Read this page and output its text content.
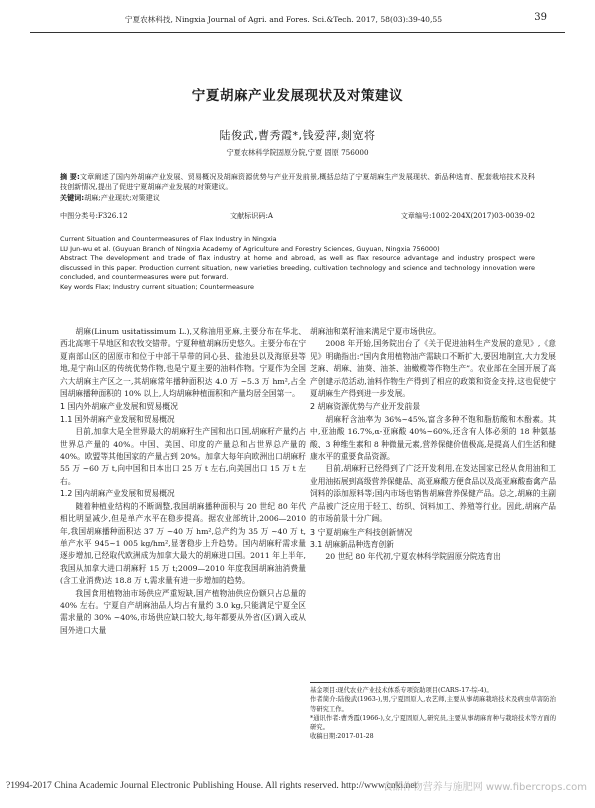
宁夏农林科技, Ningxia Journal of Agri. and Fores. Sci.&Tech. 2017, 58(03):39-40,55	39
宁夏胡麻产业发展现状及对策建议
陆俊武,曹秀霞*,钱爱萍,剡宽将
宁夏农林科学院固原分院,宁夏 固原 756000
摘 要:文章阐述了国内外胡麻产业发展、贸易概况及胡麻资源优势与产业开发前景,概括总结了宁夏胡麻生产发展现状、新品种选育、配套栽培技术及科技创新情况,提出了促进宁夏胡麻产业发展的对策建议。
关键词:胡麻;产业现状;对策建议
中图分类号:F326.12	文献标识码:A	文章编号:1002-204X(2017)03-0039-02
Current Situation and Countermeasures of Flax Industry in Ningxia
LU Jun-wu et al. (Guyuan Branch of Ningxia Academy of Agriculture and Forestry Sciences, Guyuan, Ningxia 756000)
Abstract The development and trade of flax industry at home and abroad, as well as flax resource advantage and industry prospect were discussed in this paper. Production current situation, new varieties breeding, cultivation technology and science and technology innovation were concluded, and countermeasures were put forward.
Key words Flax; Industry current situation; Countermeasure

胡麻(Linum usitatissimum L.),又称油用亚麻,主要分布在华北、西北高寒干旱地区和农牧交错带。宁夏种植胡麻历史悠久。主要分布在宁夏南部山区的固原市和位于中部干旱带的同心县、盐池县以及海原县等地,是宁南山区的传统优势作物,也是宁夏主要的油料作物。宁夏作为全国六大胡麻主产区之一,其胡麻常年播种面积达 4.0 万 ~5.3 万 hm²,占全国胡麻播种面积的 10% 以上,人均胡麻种植面积和产量均居全国第一。

1 国内外胡麻产业发展和贸易概况
1.1 国外胡麻产业发展和贸易概况

目前,加拿大是全世界最大的胡麻籽生产国和出口国,胡麻籽产量约占世界总产量的 40%。中国、美国、印度的产量总和占世界总产量的 40%。欧盟等其他国家的产量占到 20%。加拿大每年向欧洲出口胡麻籽 55 万 ~60 万 t,向中国和日本出口 25 万 t 左右,向美国出口 15 万 t 左右。

1.2 国内胡麻产业发展和贸易概况

随着种植业结构的不断调整,我国胡麻播种面积与 20 世纪 80 年代相比明显减少,但是单产水平在稳步提高。据农业部统计,2006—2010 年,我国胡麻播种面积达 37 万 ~40 万 hm²,总产约为 35 万 ~40 万 t,单产水平 945~1 005 kg/hm²,显著稳步上升趋势。国内胡麻籽需求量逐步增加,已经取代欧洲成为加拿大最大的胡麻进口国。2011 年上半年,我国从加拿大进口胡麻籽 15 万 t;2009—2010 年度我国胡麻油消费量(含工业消费)达 18.8 万 t,需求量有进一步增加的趋势。

我国食用植物油市场供应严重短缺,国产植物油供应份额只占总量的 40% 左右。宁夏自产胡麻油品人均占有量约 3.0 kg,只能满足宁夏全区需求量的 30% ~40%,市场供应缺口较大,每年都要从外省(区)调入或从国外进口大量

胡麻油和菜籽油来满足宁夏市场供应。

2008 年开始,国务院出台了《关于促进油料生产发展的意见》,《意见》明确指出:“国内食用植物油产需缺口不断扩大,要因地制宜,大力发展芝麻、胡麻、油葵、油茶、油橄榄等作物生产”。农业部在全国开展了高产创建示范活动,油料作物生产得到了相应的政策和资金支持,这也促使宁夏胡麻生产得到进一步发展。

2 胡麻资源优势与产业开发前景

胡麻籽含油率为 36%~45%,富含多种不饱和脂肪酸和木酚素。其中,亚油酸 16.7%,α-亚麻酸 40%~60%,还含有人体必须的 18 种氨基酸、3 种维生素和 8 种微量元素,营养保健价值极高,是提高人们生活和健康水平的重要食品资源。

目前,胡麻籽已经得到了广泛开发利用,在发达国家已经从食用油和工业用油拓展到高级营养保健品、高亚麻酸方便食品以及高亚麻酸畜禽产品饲料的添加原料等;国内市场也销售胡麻营养保健产品。总之,胡麻的主副产品被广泛应用于轻工、纺织、饲料加工、养殖等行业。因此,胡麻产品的市场前景十分广阔。

3 宁夏胡麻生产科技创新情况
3.1 胡麻新品种选育创新

20 世纪 80 年代初,宁夏农林科学院固原分院选育出

基金项目:现代农业产业技术体系专项资助项目(CARS-17-综-4)。
作者简介:陆俊武(1963-),男,宁夏固原人,农艺师,主要从事胡麻栽培技术及病虫草害防治等研究工作。
*通讯作者:曹秀霞(1966-),女,宁夏固原人,研究员,主要从事胡麻育种与栽培技术等方面的研究。
收稿日期:2017-01-28
?1994-2017 China Academic Journal Electronic Publishing House. All rights reserved. http://www.cnki.net
食品作物营养与施肥网 www.fibercrops.com
